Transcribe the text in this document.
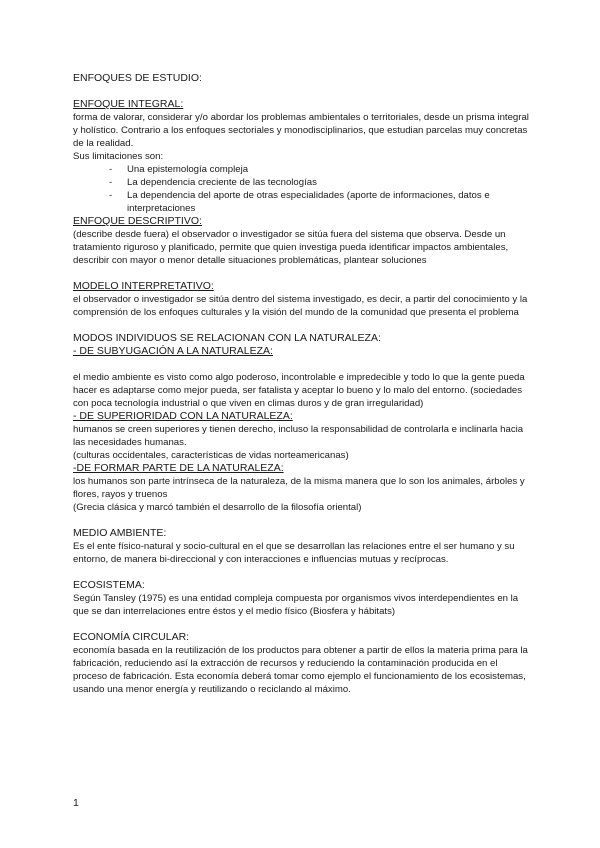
ENFOQUES DE ESTUDIO:

ENFOQUE INTEGRAL:

forma de valorar, considerar y/o abordar los problemas ambientales o territoriales, desde un prisma integral y holístico. Contrario a los enfoques sectoriales y monodisciplinarios, que estudian parcelas muy concretas de la realidad.

Sus limitaciones son:

- Una epistemología compleja
- La dependencia creciente de las tecnologías
- La dependencia del aporte de otras especialidades (aporte de informaciones, datos e interpretaciones

ENFOQUE DESCRIPTIVO:

(describe desde fuera) el observador o investigador se sitúa fuera del sistema que observa. Desde un tratamiento riguroso y planificado, permite que quien investiga pueda identificar impactos ambientales, describir con mayor o menor detalle situaciones problemáticas, plantear soluciones

MODELO INTERPRETATIVO:

el observador o investigador se sitúa dentro del sistema investigado, es decir, a partir del conocimiento y la comprensión de los enfoques culturales y la visión del mundo de la comunidad que presenta el problema

MODOS INDIVIDUOS SE RELACIONAN CON LA NATURALEZA:

- DE SUBYUGACIÓN A LA NATURALEZA:

el medio ambiente es visto como algo poderoso, incontrolable e impredecible y todo lo que la gente pueda hacer es adaptarse como mejor pueda, ser fatalista y aceptar lo bueno y lo malo del entorno. (sociedades con poca tecnología industrial o que viven en climas duros y de gran irregularidad)

- DE SUPERIORIDAD CON LA NATURALEZA:

humanos se creen superiores y tienen derecho, incluso la responsabilidad de controlarla e inclinarla hacia las necesidades humanas.

(culturas occidentales, características de vidas norteamericanas)

-DE FORMAR PARTE DE LA NATURALEZA:

los humanos son parte intrínseca de la naturaleza, de la misma manera que lo son los animales, árboles y flores, rayos y truenos

(Grecia clásica y marcó también el desarrollo de la filosofía oriental)

MEDIO AMBIENTE:

Es el ente físico-natural y socio-cultural en el que se desarrollan las relaciones entre el ser humano y su entorno, de manera bi-direccional y con interacciones e influencias mutuas y recíprocas.

ECOSISTEMA:

Según Tansley (1975) es una entidad compleja compuesta por organismos vivos interdependientes en la que se dan interrelaciones entre éstos y el medio físico (Biosfera y hábitats)

ECONOMÍA CIRCULAR:

economía basada en la reutilización de los productos para obtener a partir de ellos la materia prima para la fabricación, reduciendo así la extracción de recursos y reduciendo la contaminación producida en el proceso de fabricación. Esta economía deberá tomar como ejemplo el funcionamiento de los ecosistemas, usando una menor energía y reutilizando o reciclando al máximo.

1
